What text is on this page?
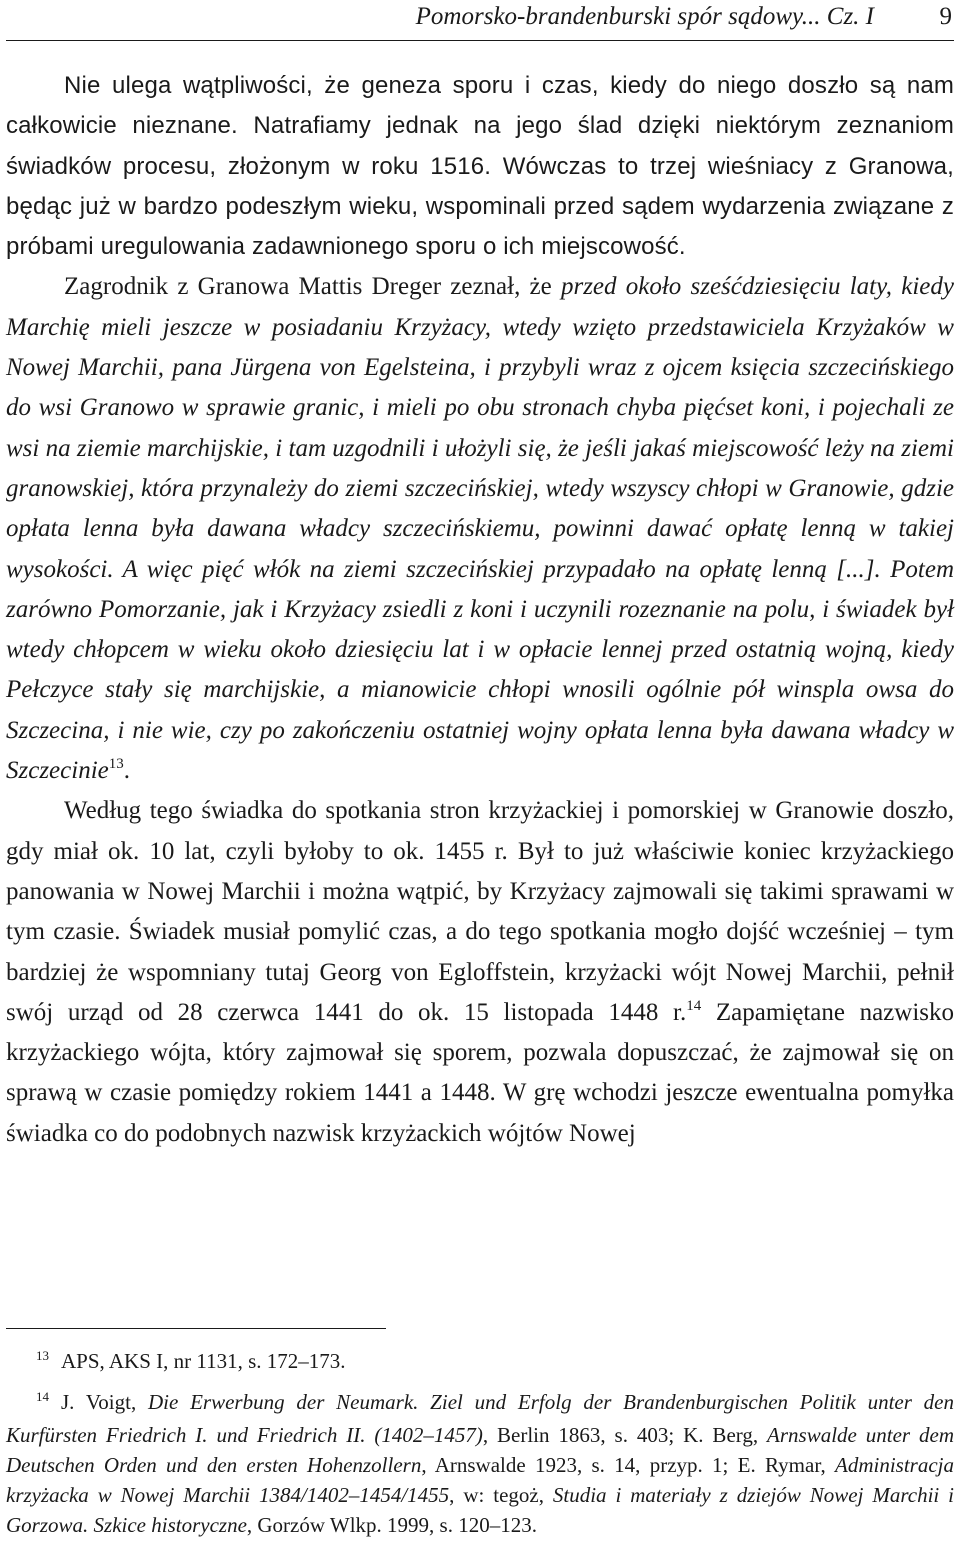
Pomorsko-brandenburski spór sądowy... Cz. I	9

Nie ulega wątpliwości, że geneza sporu i czas, kiedy do niego doszło są nam całkowicie nieznane. Natrafiamy jednak na jego ślad dzięki niektórym zeznaniom świadków procesu, złożonym w roku 1516. Wówczas to trzej wieśniacy z Granowa, będąc już w bardzo podeszłym wieku, wspominali przed sądem wydarzenia związane z próbami uregulowania zadawnionego sporu o ich miejscowość.

Zagrodnik z Granowa Mattis Dreger zeznał, że przed około sześćdziesięciu laty, kiedy Marchię mieli jeszcze w posiadaniu Krzyżacy, wtedy wzięto przedstawiciela Krzyżaków w Nowej Marchii, pana Jürgena von Egelsteina, i przybyli wraz z ojcem księcia szczecińskiego do wsi Granowo w sprawie granic, i mieli po obu stronach chyba pięćset koni, i pojechali ze wsi na ziemie marchijskie, i tam uzgodnili i ułożyli się, że jeśli jakaś miejscowość leży na ziemi granowskiej, która przynależy do ziemi szczecińskiej, wtedy wszyscy chłopi w Granowie, gdzie opłata lenna była dawana władcy szczecińskiemu, powinni dawać opłatę lenną w takiej wysokości. A więc pięć włók na ziemi szczecińskiej przypadało na opłatę lenną [...]. Potem zarówno Pomorzanie, jak i Krzyżacy zsiedli z koni i uczynili rozeznanie na polu, i świadek był wtedy chłopcem w wieku około dziesięciu lat i w opłacie lennej przed ostatnią wojną, kiedy Pełczyce stały się marchijskie, a mianowicie chłopi wnosili ogólnie pół winspla owsa do Szczecina, i nie wie, czy po zakończeniu ostatniej wojny opłata lenna była dawana władcy w Szczecinie$^{13}$.

Według tego świadka do spotkania stron krzyżackiej i pomorskiej w Granowie doszło, gdy miał ok. 10 lat, czyli byłoby to ok. 1455 r. Był to już właściwie koniec krzyżackiego panowania w Nowej Marchii i można wątpić, by Krzyżacy zajmowali się takimi sprawami w tym czasie. Świadek musiał pomylić czas, a do tego spotkania mogło dojść wcześniej – tym bardziej że wspomniany tutaj Georg von Egloffstein, krzyżacki wójt Nowej Marchii, pełnił swój urząd od 28 czerwca 1441 do ok. 15 listopada 1448 r.$^{14}$ Zapamiętane nazwisko krzyżackiego wójta, który zajmował się sporem, pozwala dopuszczać, że zajmował się on sprawą w czasie pomiędzy rokiem 1441 a 1448. W grę wchodzi jeszcze ewentualna pomyłka świadka co do podobnych nazwisk krzyżackich wójtów Nowej

$^{13}$ APS, AKS I, nr 1131, s. 172–173.

$^{14}$ J. Voigt, Die Erwerbung der Neumark. Ziel und Erfolg der Brandenburgischen Politik unter den Kurfürsten Friedrich I. und Friedrich II. (1402–1457), Berlin 1863, s. 403; K. Berg, Arnswalde unter dem Deutschen Orden und den ersten Hohenzollern, Arnswalde 1923, s. 14, przyp. 1; E. Rymar, Administracja krzyżacka w Nowej Marchii 1384/1402–1454/1455, w: tegoż, Studia i materiały z dziejów Nowej Marchii i Gorzowa. Szkice historyczne, Gorzów Wlkp. 1999, s. 120–123.
